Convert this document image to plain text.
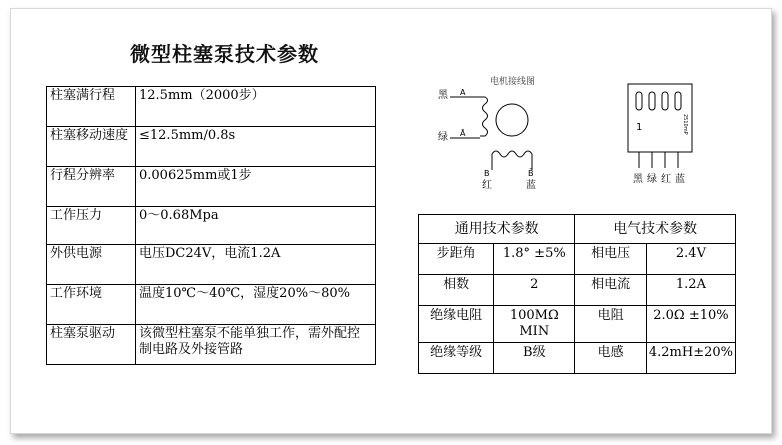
微型柱塞泵技术参数
柱塞满行程	12.5mm（2000步）
柱塞移动速度	≤12.5mm/0.8s
行程分辨率	0.00625mm或1步
工作压力	0～0.68Mpa
外供电源	电压DC24V，电流1.2A
工作环境	温度10℃～40℃，湿度20%～80%
柱塞泵驱动	该微型柱塞泵不能单独工作，需外配控制电路及外接管路
电机接线图
黑 A
绿 Ā
B	B̄
红	蓝
1	2510mP
黑 绿 红 蓝
通用技术参数		电气技术参数	
步距角	1.8° ±5%	相电压	2.4V
相数	2	相电流	1.2A
绝缘电阻	100MΩ MIN	电阻	2.0Ω ±10%
绝缘等级	B级	电感	4.2mH±20%
